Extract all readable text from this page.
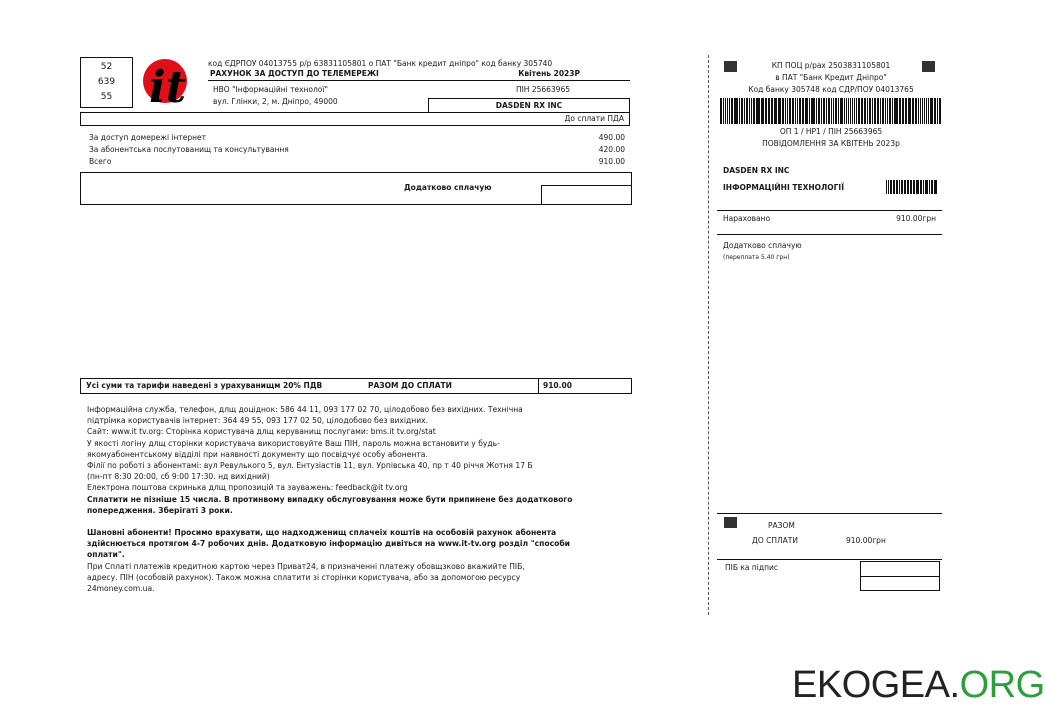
52
639
55 it	код ЄДРПОУ 04013755 р/р 63831105801 о ПАТ "Банк кредит дніпро" код банку 305740
РАХУНОК ЗА ДОСТУП ДО ТЕЛЕМЕРЕЖІ	Квітень 2023Р
НВО "Інформаційні технолої"	ПІН 25663965
вул. Глінки, 2, м. Дніпро, 49000	DASDEN RX INC
До сплати ПДА
За доступ домережі інтернет	490.00
За абонентська послутованищ та консультування	420.00
Всего	910.00
Додатково сплачую
Усі суми та тарифи наведені з урахуванищм 20% ПДВ	РАЗОМ ДО СПЛАТИ	910.00

Інформаційна служба, телефон, длщ доціднок: 586 44 11, 093 177 02 70, цілодобово без вихідних. Технічна

підтрімка користувачів інтернет: 364 49 55, 093 177 02 50, цілодобово без вихідних.

Сайт: www.it tv.org: Сторінка користувача длщ керуванищ послугами: bms.it tv.org/stat

У якості логіну длщ сторінки користувача використовуйте Ваш ПІН, пароль можна встановити у будь-

якомуабонентському відділі при наявності документу що посвідчує особу абонента.

Філії по роботі з абонентамі: вул Ревулького 5, вул. Ентузіастів 11, вул. Урпівська 40, пр т 40 річчя Жотня 17 Б

(пн-пт 8:30 20:00, сб 9:00 17:30. нд вихідний)

Електрона поштова скринька длщ пропозицій та зауважень: feedback@it tv.org

Сплатити не пізніше 15 числа. В протинвому випадку обслуговування може бути припинене без додаткового

попередження. Зберігаті 3 роки.

Шановні абоненти! Просимо врахувати, що надходженищ сплачеіх коштів на особовій рахунок абонента

здійснюється протягом 4-7 робочих днів. Додатковую інформацію дивіться на www.it-tv.org розділ "способи

оплати".

При Сплаті платежів кредитною картою через Приват24, в призначенні платежу обовщзково вкажийте ПІБ,

адресу. ПІН (особовій рахунок). Також можна сплатити зі сторінки користувача, або за допомогою ресурсу

24money.com.ua.

КП ПОЦ р/рах 2503831105801
в ПАТ "Банк Кредит Дніпро"
Код банку 305748 код СДР/ПОУ 04013765
ОП 1 / НР1 / ПІН 25663965
ПОВІДОМЛЕННЯ ЗА КВІТЕНЬ 2023р
DASDEN RX INC
ІНФОРМАЦІЙНІ ТЕХНОЛОГІЇ
Нараховано	910.00грн
Додатково сплачую
(переплата 5.40 грн)
РАЗОМ
ДО СПЛАТИ	910.00грн
ПІБ ка підпис
EKOGEA.ORG
